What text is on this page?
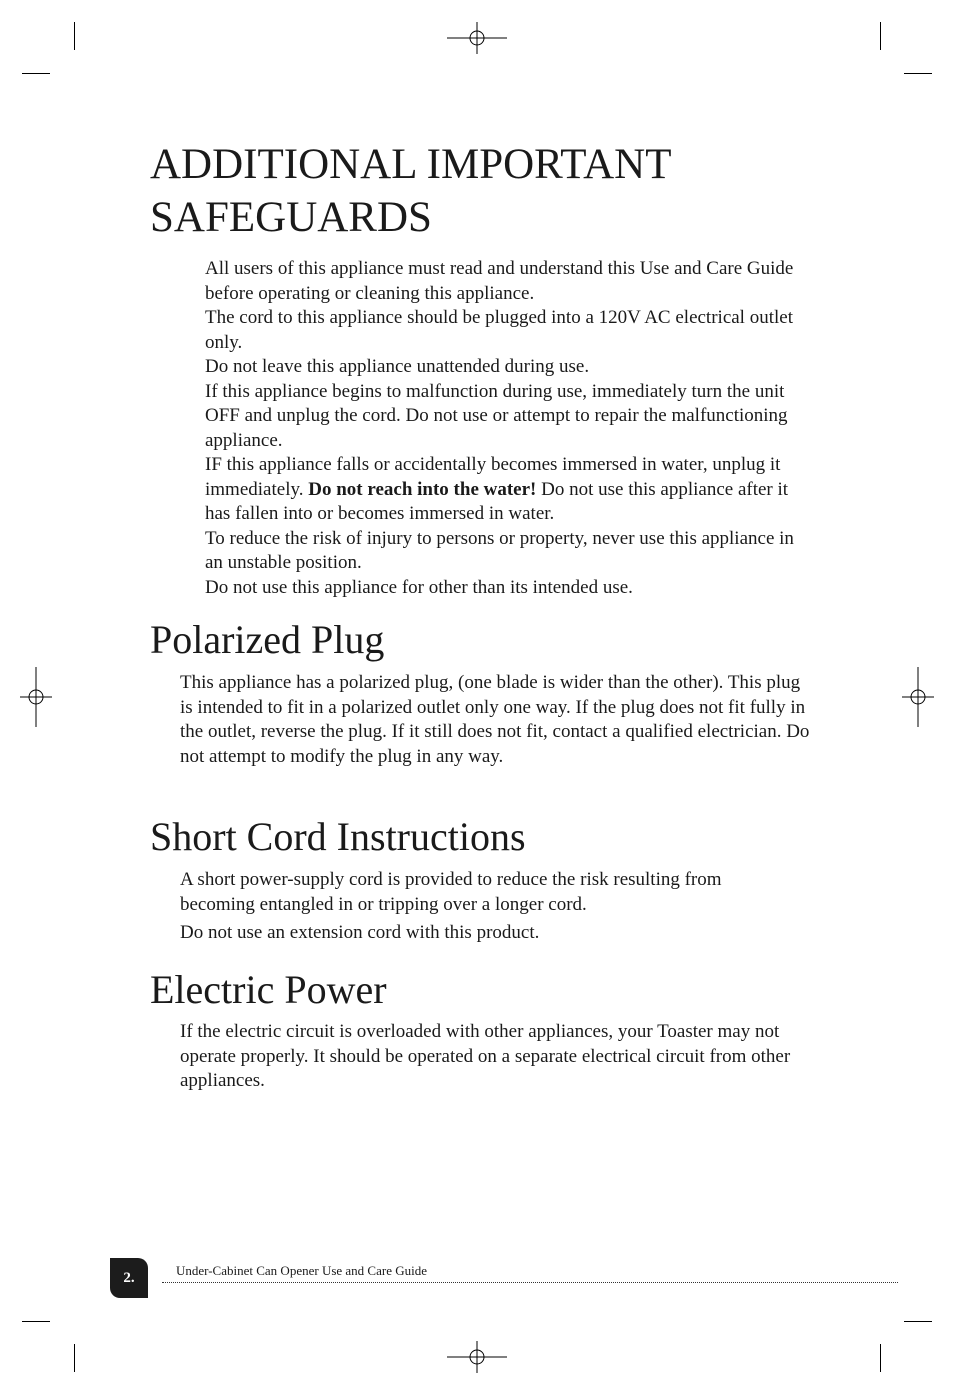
ADDITIONAL IMPORTANT SAFEGUARDS
All users of this appliance must read and understand this Use and Care Guide before operating or cleaning this appliance.
The cord to this appliance should be plugged into a 120V AC electrical outlet only.
Do not leave this appliance unattended during use.
If this appliance begins to malfunction during use, immediately turn the unit OFF and unplug the cord. Do not use or attempt to repair the malfunctioning appliance.
IF this appliance falls or accidentally becomes immersed in water, unplug it immediately. Do not reach into the water! Do not use this appliance after it has fallen into or becomes immersed in water.
To reduce the risk of injury to persons or property, never use this appliance in an unstable position.
Do not use this appliance for other than its intended use.
Polarized Plug

This appliance has a polarized plug, (one blade is wider than the other). This plug is intended to fit in a polarized outlet only one way. If the plug does not fit fully in the outlet, reverse the plug. If it still does not fit, contact a qualified electrician. Do not attempt to modify the plug in any way.

Short Cord Instructions

A short power-supply cord is provided to reduce the risk resulting from becoming entangled in or tripping over a longer cord.

Do not use an extension cord with this product.

Electric Power

If the electric circuit is overloaded with other appliances, your Toaster may not operate properly. It should be operated on a separate electrical circuit from other appliances.

2.	Under-Cabinet Can Opener Use and Care Guide
